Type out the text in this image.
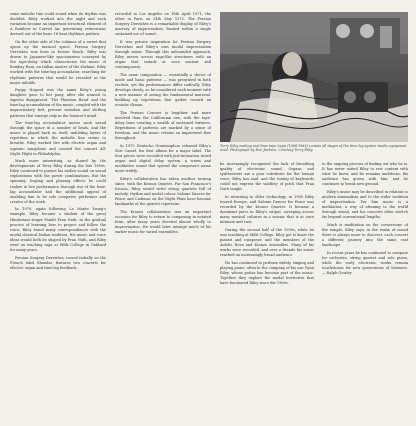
some melodic line could sound when its rhythm was doubled. Riley worked into the night and such variation became an important structural element of A Rainbow in Curved Air, generating reiterations derived out of the basic 16-beat rhythmic pattern.

On the other side of the columns of a sweet that opens up the musical space, Persian Surgery Dervishes was born in Dorset Beach. Riley was drawn to Japanese-like spaciousness conveyed by the tape-delay which characterize the music of Bombay Ram, an Indian master of the shehnai. Riley worked with the time-lag accumulator, searching for rhythmic patterns that would be revealed as the music unfolds.

Poppy Nogood was the name Riley's young daughter gave to her pony, after she wanted to express disapproval. 'The Phantom Band' and the time-lag accumulation of the music, coupled with the improvisatory feel, present melodies and shifting patterns that emerge only in the listener's mind.

The time-lag accumulator moves each sound through the space in a number of beats, and the music is played back on itself, unfolding layers of repetition in which the melodic line seems to breathe. Riley worked live with electric organ and soprano saxophone and created the concert All-Night Flight in Philadelphia.

Much more interesting, as shared by the developments of Terry Riley during the late 1960s, Riley continued to pursue his earlier sound on sound explorations with the power combinations. But the spinning, looping and phasing effects he could realize in live performance through use of the time-lag accumulator had the additional appeal of enabling him to be sole composer, performer and creator of the work.

In 1970, again following La Monte Young's example, Riley became a student of the great Hindustani singer Pandit Pran Nath. In the gradual process of learning how to project and follow the voice, Riley found many correspondences with the modal classical Indian tradition. His music and voice ideas would both be shaped by Pran Nath, and Riley went on teaching raga at Mills College in Oakland for many years.

Persian Surgery Dervishes, issued initially on the French label Shandar, features two concerts for electric organ and time-lag feedback.

recorded in Los Angeles on 18th April 1971, the other in Paris on 24th May 1972. The Persian Surgery Dervishes is a remarkable display of Riley's mastery of improvisation, framed within a single sustained arc of sound.

It was private inspiration for Persian Surgery Dervishes and Riley's own modal improvisation through music. Through this unbounded approach, Riley moves across raga-like structures with an organ that sounds at once ancient and contemporary.

The same composition — essentially a choice of mode and basic patterns — was presented in both recitals, yet the performances differ radically. Riley develops slowly, as he considered each moment with a new manner of seeing the fundamental material, building up repetitions that gather toward an ecstatic climax.

The Persian Concert is lengthier and more involved than the Californian one, with the tape-delay lines creating a wealth of sustained textures. Repetitions of patterns are marked by a sense of freedom, and the music retains an improvised flow throughout.

In 1975 Deutsche Grammophon released Riley's Shri Camel, his first album for a major label. The four pieces were recorded with just-intonation tuned organ and digital delay system, a warm and meditative sound that spread the composer's name more widely.

Riley's collaboration has taken another turning since, with the Kronos Quartet. For San Francisco's Kronos, Riley would write string quartets full of melody, rhythm and modal colour. Salome Dances for Peace and Cadenza on the Night Plain have become landmarks of the quartet repertoire.

The Kronos collaboration was an important occasion for Riley to return to composing in notated form, after many years devoted almost wholly to improvisation. He would later arrange much of his earlier music for varied ensembles.

Terry Riley making real-time tape loops (1968-1969) contain all stages of the time-lag system studio equipment used. Photograph by Don Jackson, Courtesy Terry Riley

he increasingly recognised the lack of breathing quality of electronic sound. Organs and synthesisers are a poor substitute for the human voice, Riley has said, and the tuning of keyboards could not express the subtlety of pitch that Pran Nath taught.

In returning to older technology, in 1985 Riley toured Europe, and Salome Dances for Peace was recorded by the Kronos Quartet. It became a dominant piece in Riley's output, sweeping across many musical cultures in a mosaic that is at once intimate and vast.

During the second half of the 1990s, while he was teaching at Mills College, Riley got to know the pianist and composer, and the members of the Arditti, Rova and Kronos ensembles. Many of his works were recorded, and over a decade his music reached an increasingly broad audience.

He has continued to perform widely, singing and playing piano, often in the company of his son Gyan Riley, whose guitar has become part of the music. Together they explore the modal territories that have fascinated Riley since the 1960s.

to the ongoing process of finding out who he is. It has never suited Riley to rest content with what he knew, and he remains ambitious: his audience has grown with him, and he continues to break new ground.

Riley's music may be described in relation to modern minimalism and to the wider tradition of improvisation. For him music is a meditation, a way of attuning to the world through sound, and his concerts often stretch far beyond conventional lengths.

Much is meditation on the cornerstone of the temple, Riley says; in the realm of sound there is always more to discover, each concert a different journey into the same vast landscape.

In recent years he has continued to compose for orchestra, string quartet and solo piano, while the early electronic works remain touchstones for new generations of listeners. — Ralph Gowley
